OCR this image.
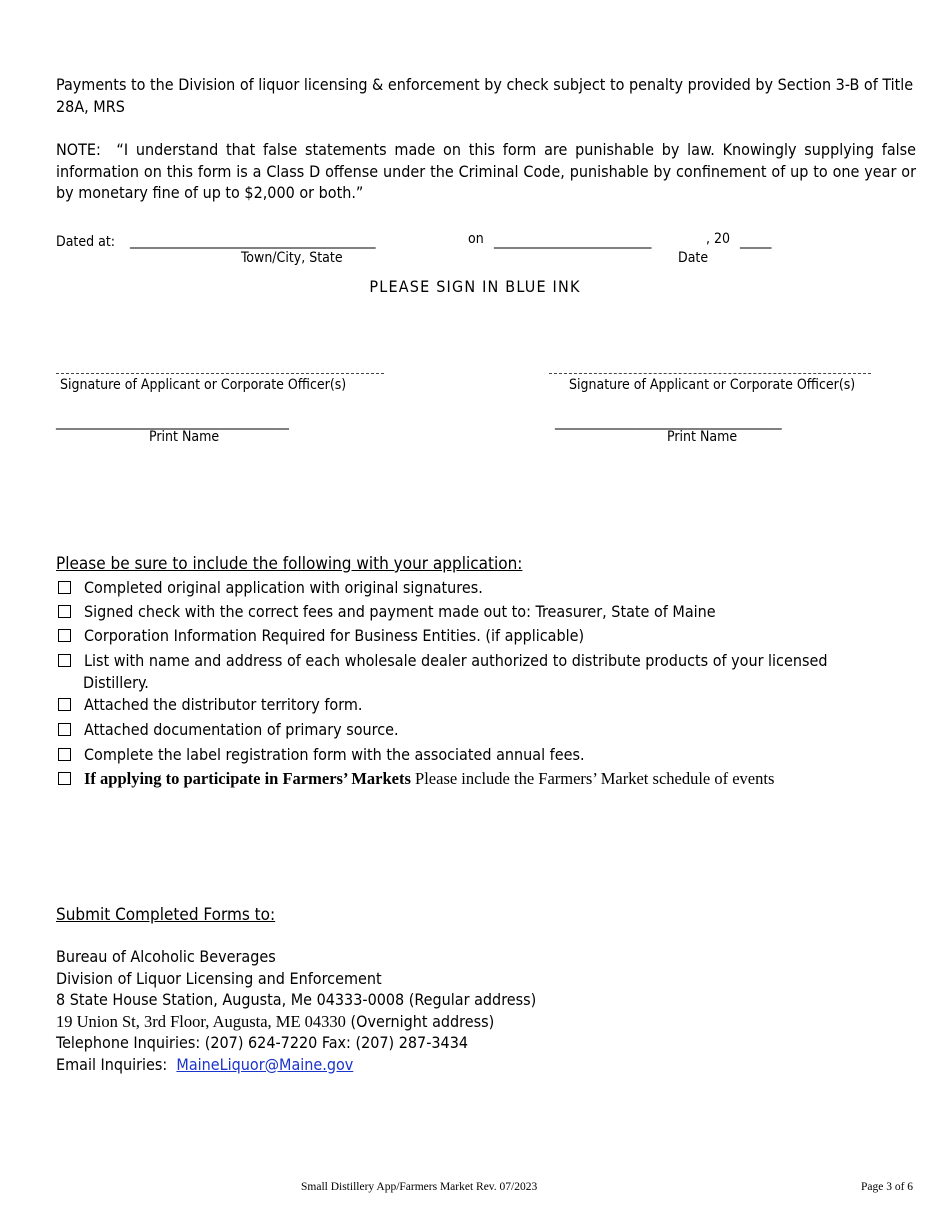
Payments to the Division of liquor licensing & enforcement by check subject to penalty provided by Section 3-B of Title 28A, MRS
NOTE: “I understand that false statements made on this form are punishable by law. Knowingly supplying false information on this form is a Class D offense under the Criminal Code, punishable by confinement of up to one year or by monetary fine of up to $2,000 or both.”
Dated at:	_______________________________________	on _________________________	, 20 _____
Town/City, State	Date
PLEASE SIGN IN BLUE INK
Signature of Applicant or Corporate Officer(s)	Signature of Applicant or Corporate Officer(s)
_____________________________________	____________________________________
Print Name	Print Name
Please be sure to include the following with your application:
Completed original application with original signatures.
Signed check with the correct fees and payment made out to: Treasurer, State of Maine
Corporation Information Required for Business Entities. (if applicable)
List with name and address of each wholesale dealer authorized to distribute products of your licensed
Distillery.
Attached the distributor territory form.
Attached documentation of primary source.
Complete the label registration form with the associated annual fees.
If applying to participate in Farmers’ Markets Please include the Farmers’ Market schedule of events
Submit Completed Forms to:
Bureau of Alcoholic Beverages
Division of Liquor Licensing and Enforcement
8 State House Station, Augusta, Me 04333-0008 (Regular address)
19 Union St, 3rd Floor, Augusta, ME 04330 (Overnight address)
Telephone Inquiries: (207) 624-7220 Fax: (207) 287-3434
Email Inquiries: MaineLiquor@Maine.gov
Small Distillery App/Farmers Market Rev. 07/2023	Page 3 of 6
